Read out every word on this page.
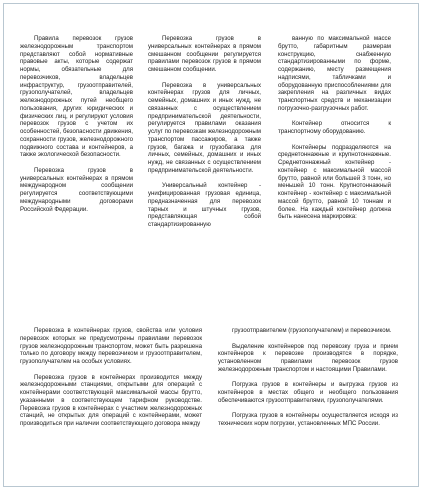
Правила перевозок грузов железнодорожным транспортом представляют собой нормативные правовые акты, которые содержат нормы, обязательные для перевозчиков, владельцев инфраструктур, грузоотправителей, грузополучателей, владельцев железнодорожных путей необщего пользования, других юридических и физических лиц, и регулируют условия перевозок грузов с учетом их особенностей, безопасности движения, сохранности грузов, железнодорожного подвижного состава и контейнеров, а также экологической безопасности.

Перевозка грузов в универсальных контейнерах в прямом международном сообщении регулируется соответствующими международными договорами Российской Федерации.

Перевозка грузов в универсальных контейнерах в прямом смешанном сообщении регулируется правилами перевозок грузов в прямом смешанном сообщении.

Перевозка в универсальных контейнерах грузов для личных, семейных, домашних и иных нужд, не связанных с осуществлением предпринимательской деятельности, регулируется правилами оказания услуг по перевозкам железнодорожным транспортом пассажиров, а также грузов, багажа и грузобагажа для личных, семейных, домашних и иных нужд, не связанных с осуществлением предпринимательской деятельности.

Универсальный контейнер - унифицированная грузовая единица, предназначенная для перевозок тарных и штучных грузов, представляющая собой стандартизированную

ванную по максимальной массе брутто, габаритным размерам конструкцию, снабженную стандартизированными по форме, содержанию, месту размещения надписями, табличками и оборудованную приспособлениями для закрепления на различных видах транспортных средств и механизации погрузочно-разгрузочных работ.

Контейнер относится к транспортному оборудованию.

Контейнеры подразделяются на среднетоннажные и крупнотоннажные. Среднетоннажный контейнер - контейнер с максимальной массой брутто, равной или большей 3 тонн, но меньшей 10 тонн. Крупнотоннажный контейнер - контейнер с максимальной массой брутто, равной 10 тоннам и более. На каждый контейнер должна быть нанесена маркировка:

Перевозка в контейнерах грузов, свойства или условия перевозок которых не предусмотрены правилами перевозок грузов железнодорожным транспортом, может быть разрешена только по договору между перевозчиком и грузоотправителем, грузополучателем на особых условиях.

Перевозка грузов в контейнерах производится между железнодорожными станциями, открытыми для операций с контейнерами соответствующей максимальной массы брутто, указанными в соответствующем тарифном руководстве. Перевозка грузов в контейнерах с участием железнодорожных станций, не открытых для операций с контейнерами, может производиться при наличии соответствующего договора между

грузоотправителем (грузополучателем) и перевозчиком.

Выделение контейнеров под перевозку груза и прием контейнеров к перевозке производятся в порядке, установленном правилами перевозок грузов железнодорожным транспортом и настоящими Правилами.

Погрузка грузов в контейнеры и выгрузка грузов из контейнеров в местах общего и необщего пользования обеспечиваются грузоотправителями, грузополучателями.

Погрузка грузов в контейнеры осуществляется исходя из технических норм погрузки, установленных МПС России.
